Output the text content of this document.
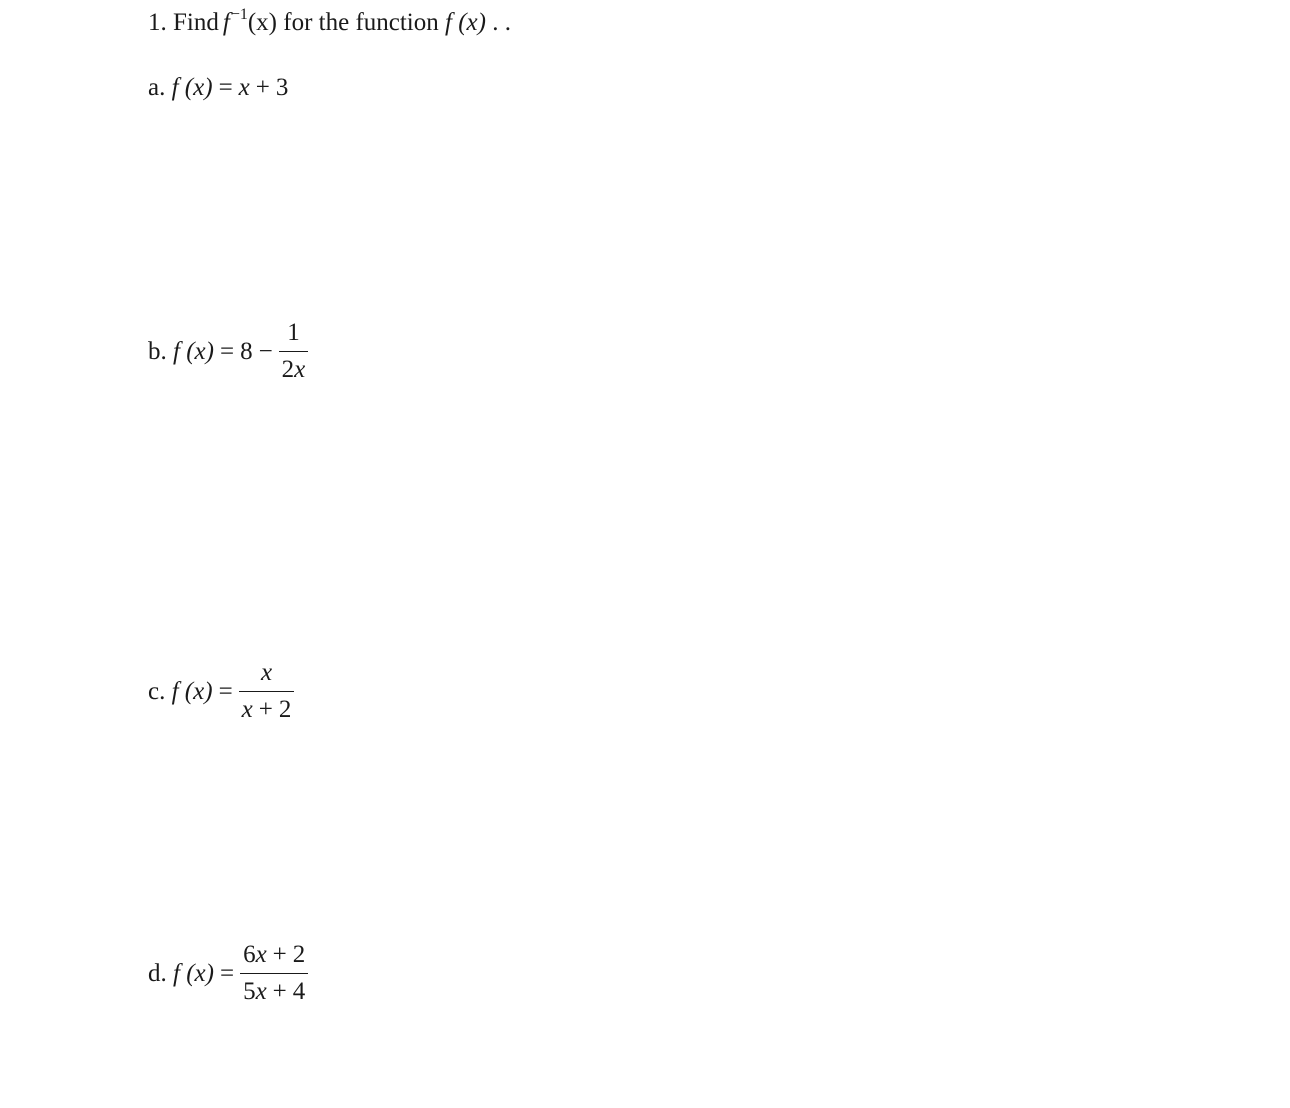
1. Find $f^{-1}(x)$ for the function f (x) . .
a. f (x) = x + 3
b. f $(x) = 8 - \frac{1}{2x}$
c. f $(x) = \frac{x}{x + 2}$
d. f $(x) = \frac{6x + 2}{5x + 4}$
